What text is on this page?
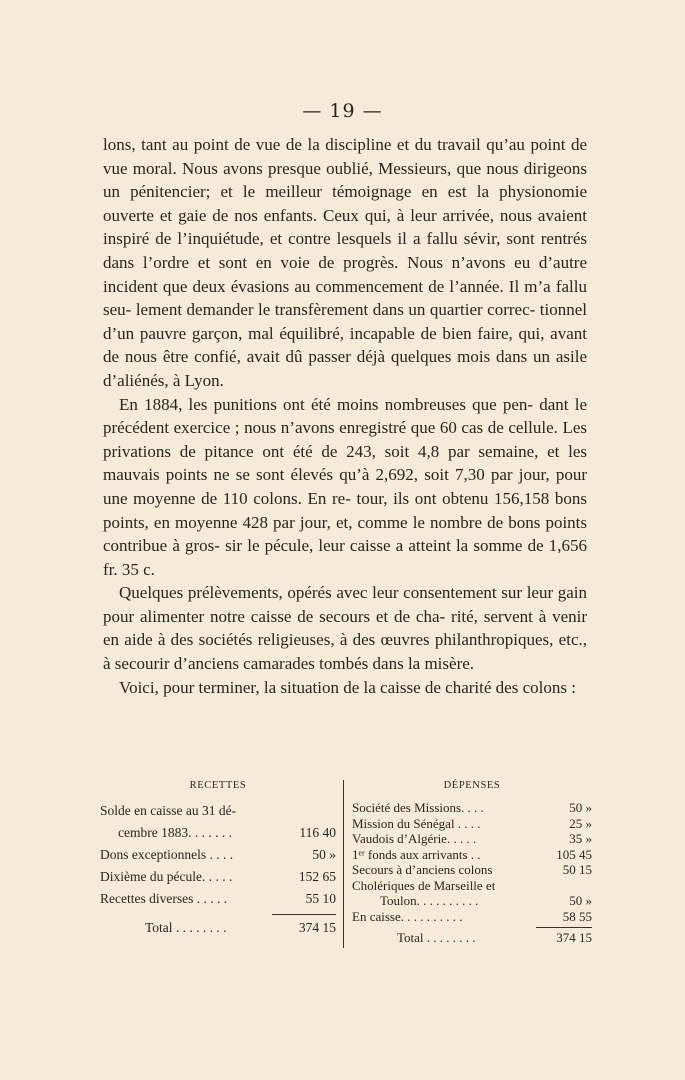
— 19 —

lons, tant au point de vue de la discipline et du travail qu’au point de vue moral. Nous avons presque oublié, Messieurs, que nous dirigeons un pénitencier; et le meilleur témoignage en est la physionomie ouverte et gaie de nos enfants. Ceux qui, à leur arrivée, nous avaient inspiré de l’inquiétude, et contre lesquels il a fallu sévir, sont rentrés dans l’ordre et sont en voie de progrès. Nous n’avons eu d’autre incident que deux évasions au commencement de l’année. Il m’a fallu seu- lement demander le transfèrement dans un quartier correc- tionnel d’un pauvre garçon, mal équilibré, incapable de bien faire, qui, avant de nous être confié, avait dû passer déjà quelques mois dans un asile d’aliénés, à Lyon.

En 1884, les punitions ont été moins nombreuses que pen- dant le précédent exercice ; nous n’avons enregistré que 60 cas de cellule. Les privations de pitance ont été de 243, soit 4,8 par semaine, et les mauvais points ne se sont élevés qu’à 2,692, soit 7,30 par jour, pour une moyenne de 110 colons. En re- tour, ils ont obtenu 156,158 bons points, en moyenne 428 par jour, et, comme le nombre de bons points contribue à gros- sir le pécule, leur caisse a atteint la somme de 1,656 fr. 35 c.

Quelques prélèvements, opérés avec leur consentement sur leur gain pour alimenter notre caisse de secours et de cha- rité, servent à venir en aide à des sociétés religieuses, à des œuvres philanthropiques, etc., à secourir d’anciens camarades tombés dans la misère.

Voici, pour terminer, la situation de la caisse de charité des colons :

RECETTES
Solde en caisse au 31 dé-
cembre 1883. . . . . . .	116 40
Dons exceptionnels . . . .	50 »
Dixième du pécule. . . . .	152 65
Recettes diverses . . . . .	55 10
Total . . . . . . . .	374 15
DÉPENSES
Société des Missions. . . .	50 »
Mission du Sénégal . . . .	25 »
Vaudois d’Algérie. . . . .	35 »
1ᵉʳ fonds aux arrivants . .	105 45
Secours à d’anciens colons	50 15
Cholériques de Marseille et
Toulon. . . . . . . . . .	50 »
En caisse. . . . . . . . . .	58 55
Total . . . . . . . .	374 15
